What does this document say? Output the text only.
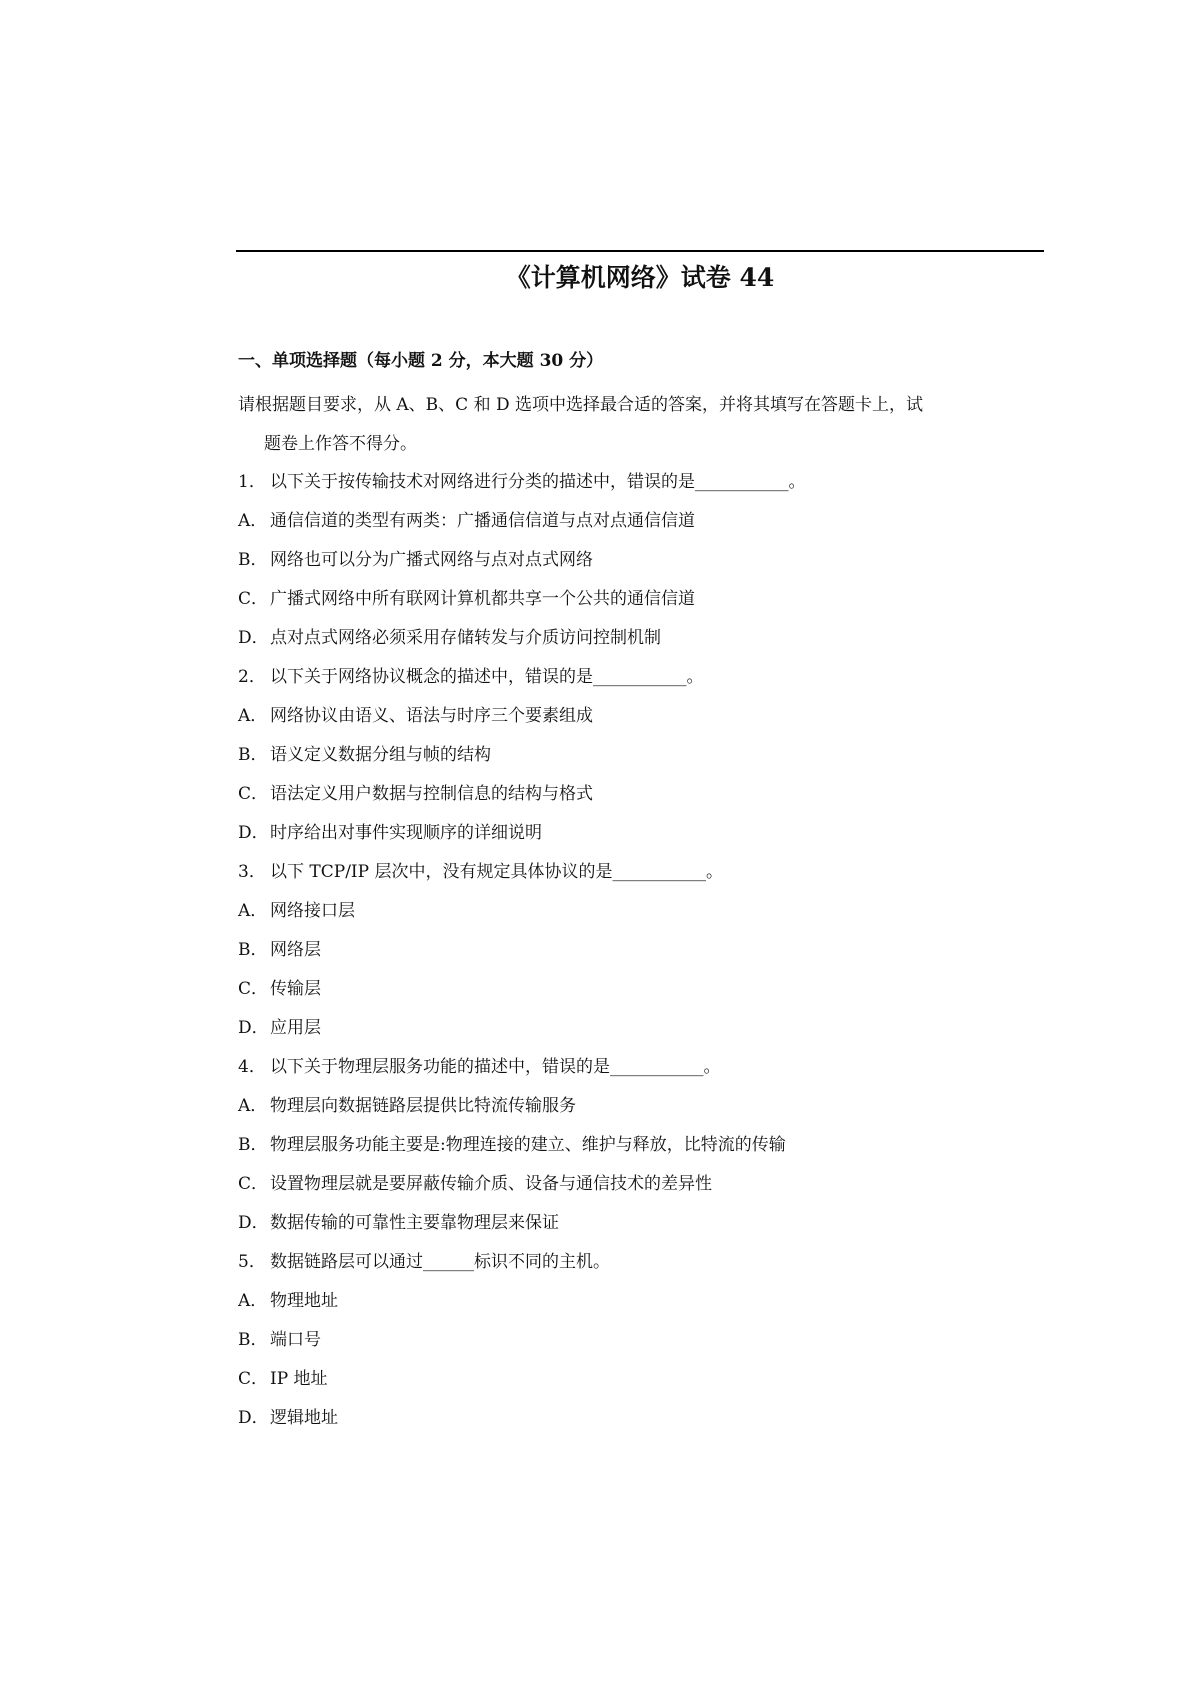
《计算机网络》试卷 44
一、单项选择题（每小题 2 分，本大题 30 分）
请根据题目要求，从 A、B、C 和 D 选项中选择最合适的答案，并将其填写在答题卡上，试
题卷上作答不得分。
1． 以下关于按传输技术对网络进行分类的描述中，错误的是___________。
A． 通信信道的类型有两类：广播通信信道与点对点通信信道
B． 网络也可以分为广播式网络与点对点式网络
C． 广播式网络中所有联网计算机都共享一个公共的通信信道
D．点对点式网络必须采用存储转发与介质访问控制机制
2． 以下关于网络协议概念的描述中，错误的是___________。
A． 网络协议由语义、语法与时序三个要素组成
B． 语义定义数据分组与帧的结构
C． 语法定义用户数据与控制信息的结构与格式
D．时序给出对事件实现顺序的详细说明
3． 以下 TCP/IP 层次中，没有规定具体协议的是___________。
A． 网络接口层
B． 网络层
C． 传输层
D．应用层
4． 以下关于物理层服务功能的描述中，错误的是___________。
A． 物理层向数据链路层提供比特流传输服务
B． 物理层服务功能主要是:物理连接的建立、维护与释放，比特流的传输
C． 设置物理层就是要屏蔽传输介质、设备与通信技术的差异性
D．数据传输的可靠性主要靠物理层来保证
5． 数据链路层可以通过______标识不同的主机。
A． 物理地址
B． 端口号
C． IP 地址
D．逻辑地址
